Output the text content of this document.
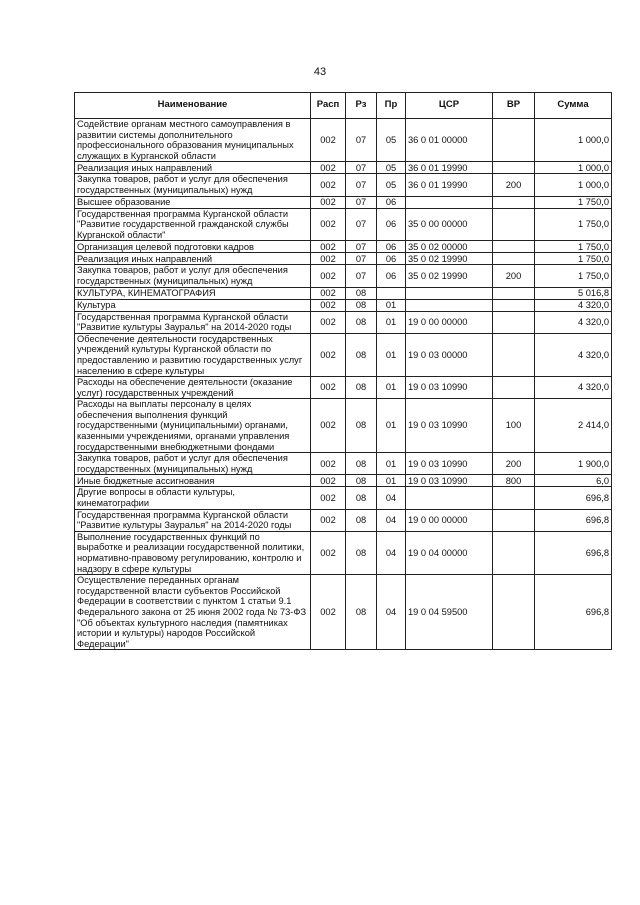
43
Наименование	Расп	Рз	Пр	ЦСР	ВР	Сумма
Содействие органам местного самоуправления в развитии системы дополнительного профессионального образования муниципальных служащих в Курганской области	002	07	05	36 0 01 00000		1 000,0
Реализация иных направлений	002	07	05	36 0 01 19990		1 000,0
Закупка товаров, работ и услуг для обеспечения государственных (муниципальных) нужд	002	07	05	36 0 01 19990	200	1 000,0
Высшее образование	002	07	06			1 750,0
Государственная программа Курганской области "Развитие государственной гражданской службы Курганской области"	002	07	06	35 0 00 00000		1 750,0
Организация целевой подготовки кадров	002	07	06	35 0 02 00000		1 750,0
Реализация иных направлений	002	07	06	35 0 02 19990		1 750,0
Закупка товаров, работ и услуг для обеспечения государственных (муниципальных) нужд	002	07	06	35 0 02 19990	200	1 750,0
КУЛЬТУРА, КИНЕМАТОГРАФИЯ	002	08				5 016,8
Культура	002	08	01			4 320,0
Государственная программа Курганской области "Развитие культуры Зауралья" на 2014-2020 годы	002	08	01	19 0 00 00000		4 320,0
Обеспечение деятельности государственных учреждений культуры Курганской области по предоставлению и развитию государственных услуг населению в сфере культуры	002	08	01	19 0 03 00000		4 320,0
Расходы на обеспечение деятельности (оказание услуг) государственных учреждений	002	08	01	19 0 03 10990		4 320,0
Расходы на выплаты персоналу в целях обеспечения выполнения функций государственными (муниципальными) органами, казенными учреждениями, органами управления государственными внебюджетными фондами	002	08	01	19 0 03 10990	100	2 414,0
Закупка товаров, работ и услуг для обеспечения государственных (муниципальных) нужд	002	08	01	19 0 03 10990	200	1 900,0
Иные бюджетные ассигнования	002	08	01	19 0 03 10990	800	6,0
Другие вопросы в области культуры, кинематографии	002	08	04			696,8
Государственная программа Курганской области "Развитие культуры Зауралья" на 2014-2020 годы	002	08	04	19 0 00 00000		696,8
Выполнение государственных функций по выработке и реализации государственной политики, нормативно-правовому регулированию, контролю и надзору в сфере культуры	002	08	04	19 0 04 00000		696,8
Осуществление переданных органам государственной власти субъектов Российской Федерации в соответствии с пунктом 1 статьи 9.1 Федерального закона от 25 июня 2002 года № 73-ФЗ "Об объектах культурного наследия (памятниках истории и культуры) народов Российской Федерации"	002	08	04	19 0 04 59500		696,8
